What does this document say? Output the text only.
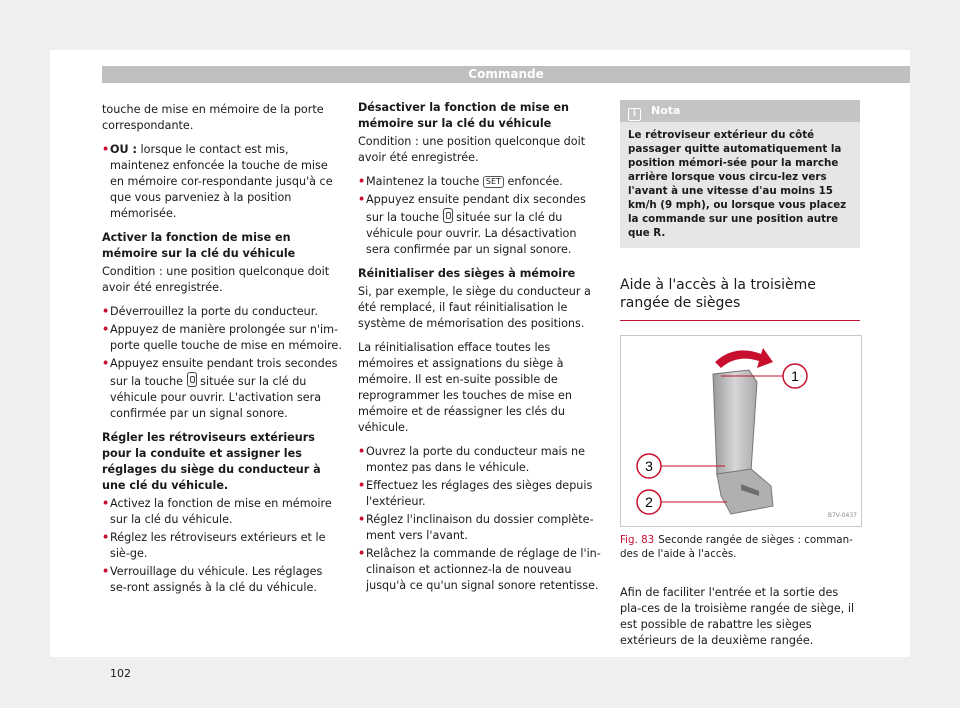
Commande

touche de mise en mémoire de la porte correspondante.

• OU : lorsque le contact est mis, maintenez enfoncée la touche de mise en mémoire cor-respondante jusqu'à ce que vous parveniez à la position mémorisée.
Activer la fonction de mise en mémoire sur la clé du véhicule

Condition : une position quelconque doit avoir été enregistrée.

• Déverrouillez la porte du conducteur.
• Appuyez de manière prolongée sur n'im-porte quelle touche de mise en mémoire.
• Appuyez ensuite pendant trois secondes sur la touche  située sur la clé du véhicule pour ouvrir. L'activation sera confirmée par un signal sonore.
Régler les rétroviseurs extérieurs pour la conduite et assigner les réglages du siège du conducteur à une clé du véhicule.
• Activez la fonction de mise en mémoire sur la clé du véhicule.
• Réglez les rétroviseurs extérieurs et le siè-ge.
• Verrouillage du véhicule. Les réglages se-ront assignés à la clé du véhicule.
Désactiver la fonction de mise en mémoire sur la clé du véhicule

Condition : une position quelconque doit avoir été enregistrée.

• Maintenez la touche SET enfoncée.
• Appuyez ensuite pendant dix secondes sur la touche  située sur la clé du véhicule pour ouvrir. La désactivation sera confirmée par un signal sonore.
Réinitialiser des sièges à mémoire

Si, par exemple, le siège du conducteur a été remplacé, il faut réinitialisation le système de mémorisation des positions.

La réinitialisation efface toutes les mémoires et assignations du siège à mémoire. Il est en-suite possible de reprogrammer les touches de mise en mémoire et de réassigner les clés du véhicule.

• Ouvrez la porte du conducteur mais ne montez pas dans le véhicule.
• Effectuez les réglages des sièges depuis l'extérieur.
• Réglez l'inclinaison du dossier complète-ment vers l'avant.
• Relâchez la commande de réglage de l'in-clinaison et actionnez-la de nouveau jusqu'à ce qu'un signal sonore retentisse.
i Nota
Le rétroviseur extérieur du côté passager quitte automatiquement la position mémori-sée pour la marche arrière lorsque vous circu-lez vers l'avant à une vitesse d'au moins 15 km/h (9 mph), ou lorsque vous placez la commande sur une position autre que R.
Aide à l'accès à la troisième rangée de sièges
1
3
2
B7V-0437
Fig. 83 Seconde rangée de sièges : comman-des de l'aide à l'accès.

Afin de faciliter l'entrée et la sortie des pla-ces de la troisième rangée de siège, il est possible de rabattre les sièges extérieurs de la deuxième rangée.

102
